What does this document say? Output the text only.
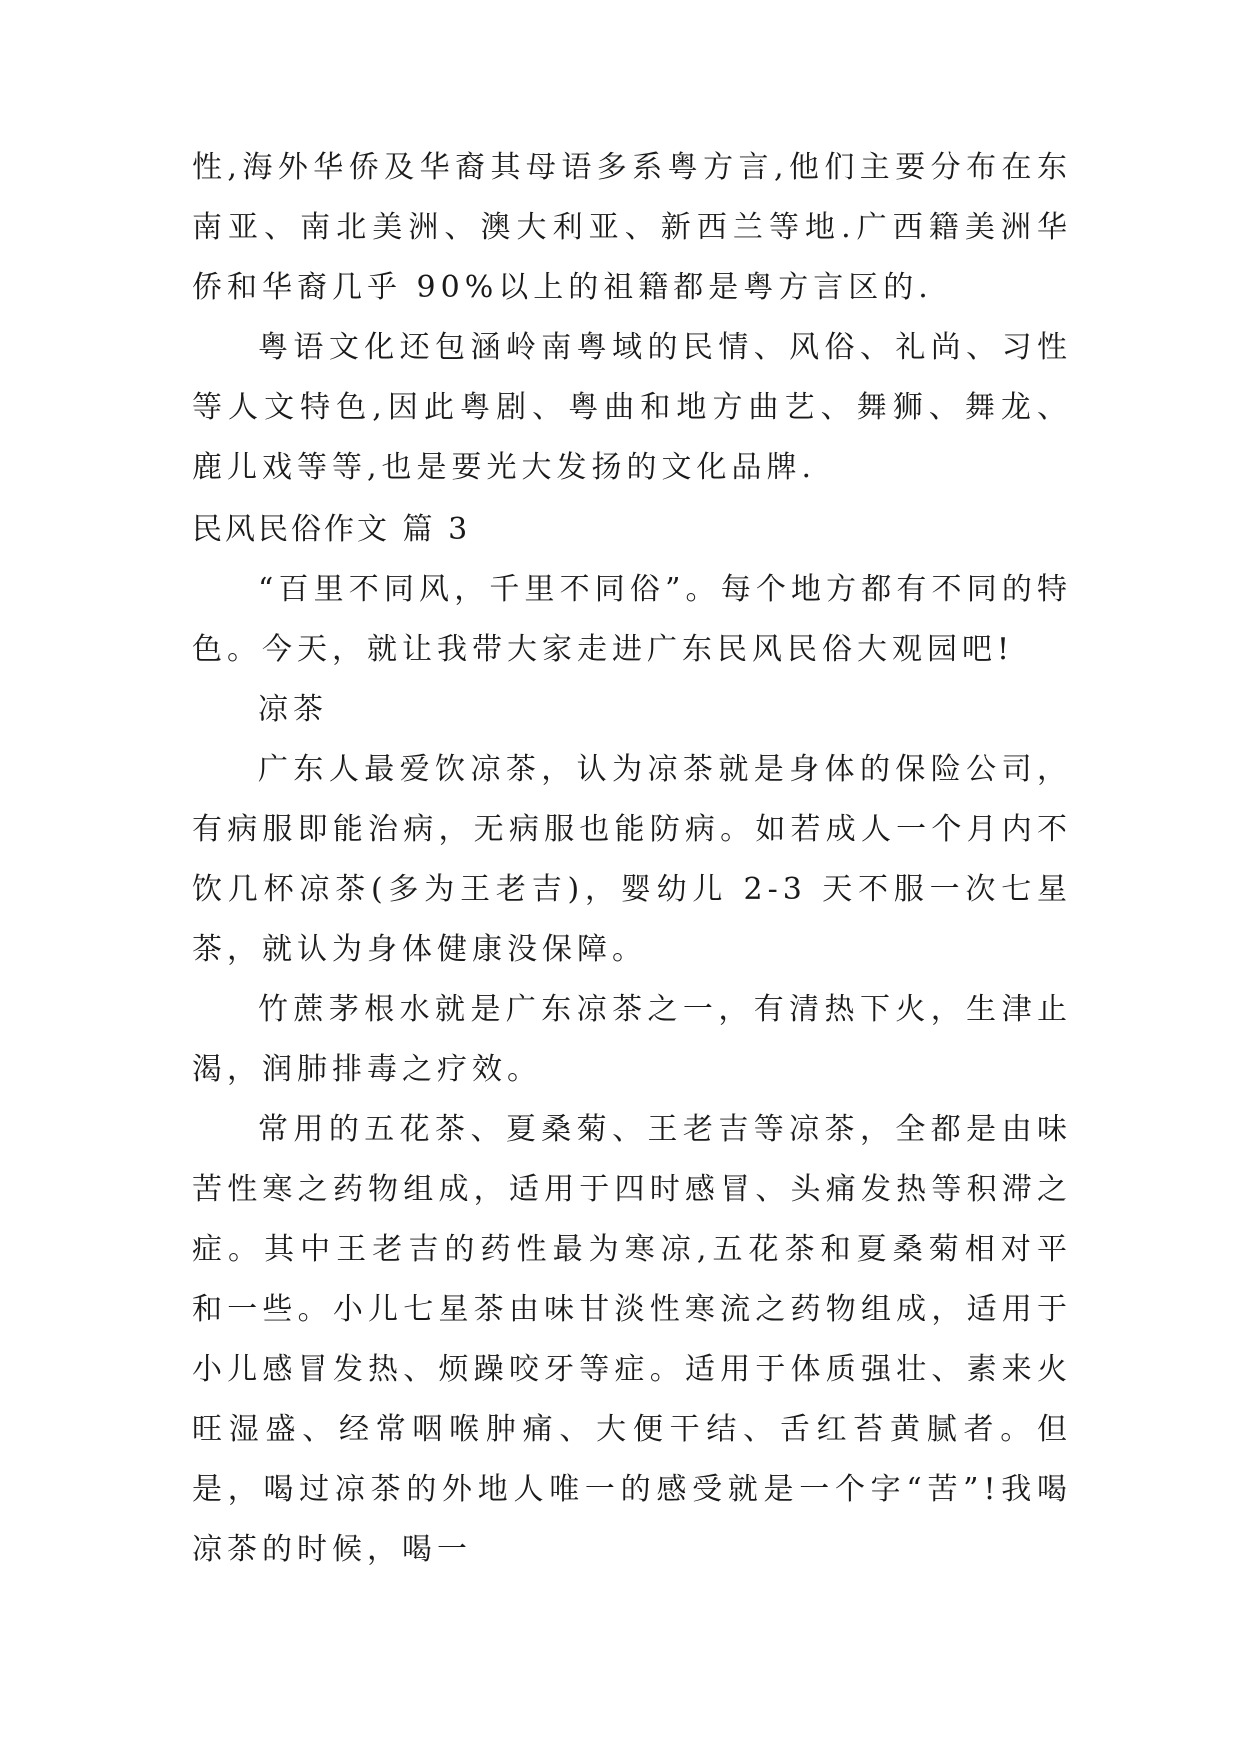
性,海外华侨及华裔其母语多系粤方言,他们主要分布在东南亚、南北美洲、澳大利亚、新西兰等地.广西籍美洲华侨和华裔几乎 90%以上的祖籍都是粤方言区的.

粤语文化还包涵岭南粤域的民情、风俗、礼尚、习性等人文特色,因此粤剧、粤曲和地方曲艺、舞狮、舞龙、鹿儿戏等等,也是要光大发扬的文化品牌.

民风民俗作文 篇 3

“百里不同风，千里不同俗”。每个地方都有不同的特色。今天，就让我带大家走进广东民风民俗大观园吧!

凉茶

广东人最爱饮凉茶，认为凉茶就是身体的保险公司，有病服即能治病，无病服也能防病。如若成人一个月内不饮几杯凉茶(多为王老吉)，婴幼儿 2-3 天不服一次七星茶，就认为身体健康没保障。

竹蔗茅根水就是广东凉茶之一，有清热下火，生津止渴，润肺排毒之疗效。

常用的五花茶、夏桑菊、王老吉等凉茶，全都是由味苦性寒之药物组成，适用于四时感冒、头痛发热等积滞之症。其中王老吉的药性最为寒凉,五花茶和夏桑菊相对平和一些。小儿七星茶由味甘淡性寒流之药物组成，适用于小儿感冒发热、烦躁咬牙等症。适用于体质强壮、素来火旺湿盛、经常咽喉肿痛、大便干结、舌红苔黄腻者。但是，喝过凉茶的外地人唯一的感受就是一个字“苦”!我喝凉茶的时候，喝一
